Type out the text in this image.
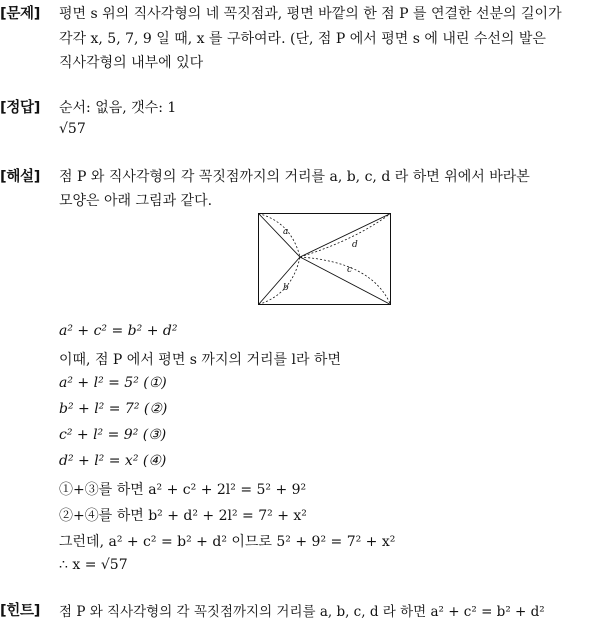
[문제] 평면 s 위의 직사각형의 네 꼭짓점과, 평면 바깥의 한 점 P 를 연결한 선분의 길이가
각각 x, 5, 7, 9 일 때, x 를 구하여라. (단, 점 P 에서 평면 s 에 내린 수선의 발은
직사각형의 내부에 있다
[정답] 순서: 없음, 갯수: 1
√57
[해설] 점 P 와 직사각형의 각 꼭짓점까지의 거리를 a, b, c, d 라 하면 위에서 바라본
모양은 아래 그림과 같다.
a
b
c
d
a² + c² = b² + d²
이때, 점 P 에서 평면 s 까지의 거리를 l라 하면
a² + l² = 5² (①)
b² + l² = 7² (②)
c² + l² = 9² (③)
d² + l² = x² (④)
①+③를 하면 a² + c² + 2l² = 5² + 9²
②+④를 하면 b² + d² + 2l² = 7² + x²
그런데, a² + c² = b² + d² 이므로 5² + 9² = 7² + x²
∴ x = √57
[힌트] 점 P 와 직사각형의 각 꼭짓점까지의 거리를 a, b, c, d 라 하면 a² + c² = b² + d²
